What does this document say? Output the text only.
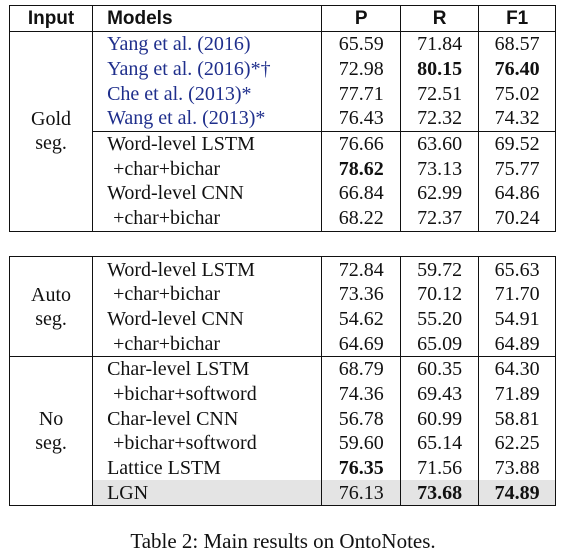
Input	Models	P	R	F1

Gold
seg.	Yang et al. (2016)	65.59	71.84	68.57
	Yang et al. (2016)*†	72.98	80.15	76.40
	Che et al. (2013)*	77.71	72.51	75.02
	Wang et al. (2013)*	76.43	72.32	74.32
	Word-level LSTM	76.66	63.60	69.52
	+char+bichar	78.62	73.13	75.77
	Word-level CNN	66.84	62.99	64.86
	+char+bichar	68.22	72.37	70.24

Auto
seg.	Word-level LSTM	72.84	59.72	65.63
	+char+bichar	73.36	70.12	71.70
	Word-level CNN	54.62	55.20	54.91
	+char+bichar	64.69	65.09	64.89

No
seg.	Char-level LSTM	68.79	60.35	64.30
	+bichar+softword	74.36	69.43	71.89
	Char-level CNN	56.78	60.99	58.81
	+bichar+softword	59.60	65.14	62.25
	Lattice LSTM	76.35	71.56	73.88
	LGN	76.13	73.68	74.89
Table 2: Main results on OntoNotes.
